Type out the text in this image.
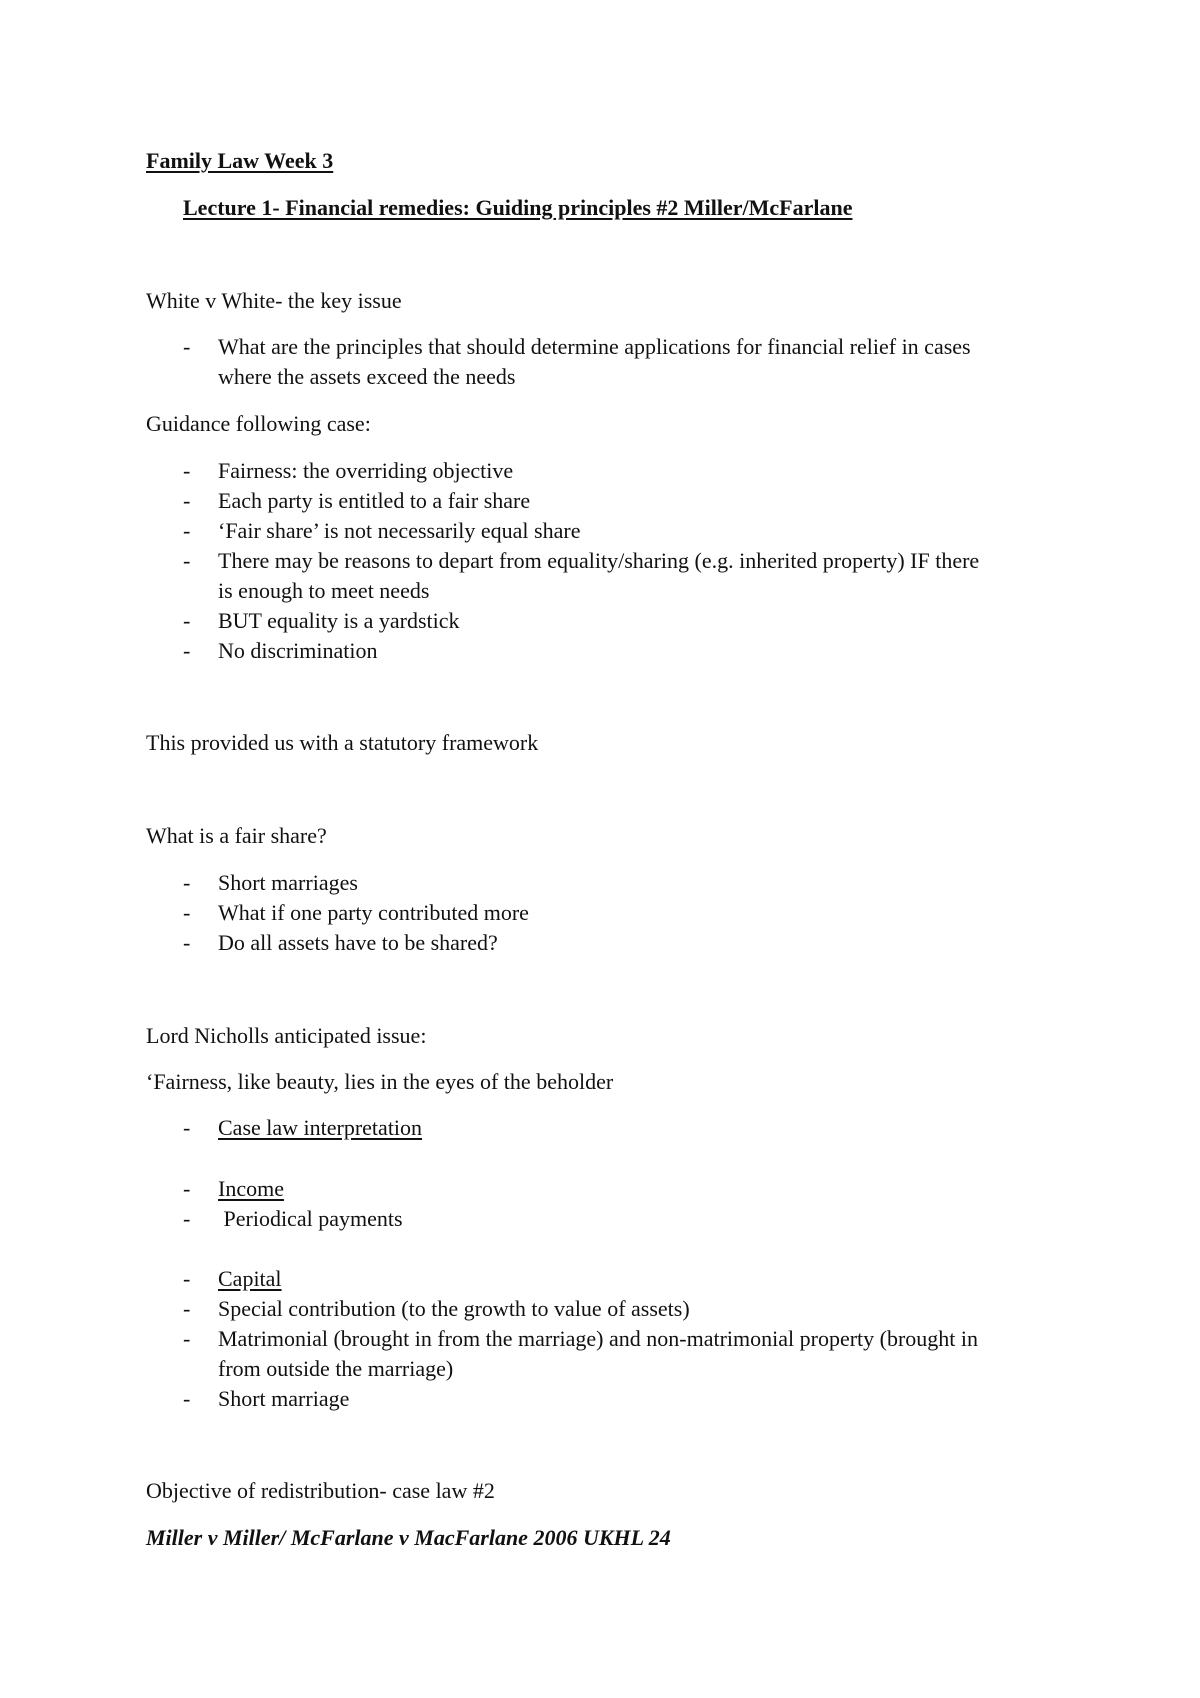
Family Law Week 3
Lecture 1- Financial remedies: Guiding principles #2 Miller/McFarlane
White v White- the key issue
- What are the principles that should determine applications for financial relief in cases
where the assets exceed the needs
Guidance following case:
- Fairness: the overriding objective
- Each party is entitled to a fair share
- ‘Fair share’ is not necessarily equal share
- There may be reasons to depart from equality/sharing (e.g. inherited property) IF there
is enough to meet needs
- BUT equality is a yardstick
- No discrimination
This provided us with a statutory framework
What is a fair share?
- Short marriages
- What if one party contributed more
- Do all assets have to be shared?
Lord Nicholls anticipated issue:
‘Fairness, like beauty, lies in the eyes of the beholder
- Case law interpretation
- Income
- Periodical payments
- Capital
- Special contribution (to the growth to value of assets)
- Matrimonial (brought in from the marriage) and non-matrimonial property (brought in
from outside the marriage)
- Short marriage
Objective of redistribution- case law #2
Miller v Miller/ McFarlane v MacFarlane 2006 UKHL 24
